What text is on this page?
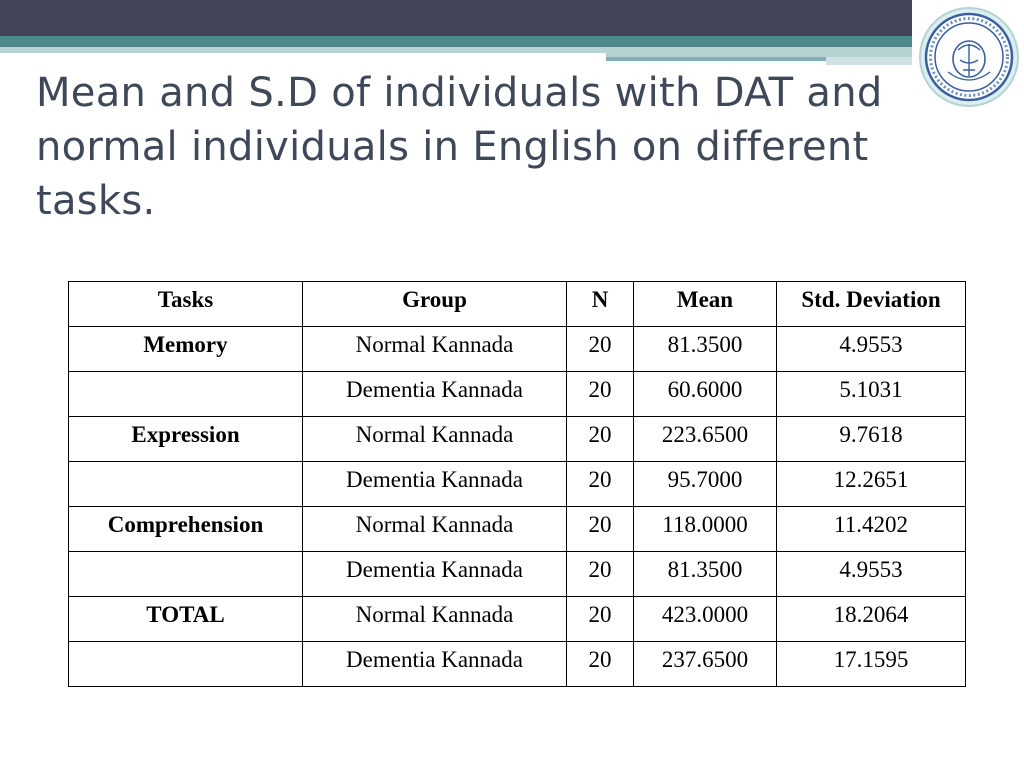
Mean and S.D of individuals with DAT and normal individuals in English on different tasks.
Tasks	Group	N	Mean	Std. Deviation
Memory	Normal Kannada	20	81.3500	4.9553
	Dementia Kannada	20	60.6000	5.1031
Expression	Normal Kannada	20	223.6500	9.7618
	Dementia Kannada	20	95.7000	12.2651
Comprehension	Normal Kannada	20	118.0000	11.4202
	Dementia Kannada	20	81.3500	4.9553
TOTAL	Normal Kannada	20	423.0000	18.2064
	Dementia Kannada	20	237.6500	17.1595
